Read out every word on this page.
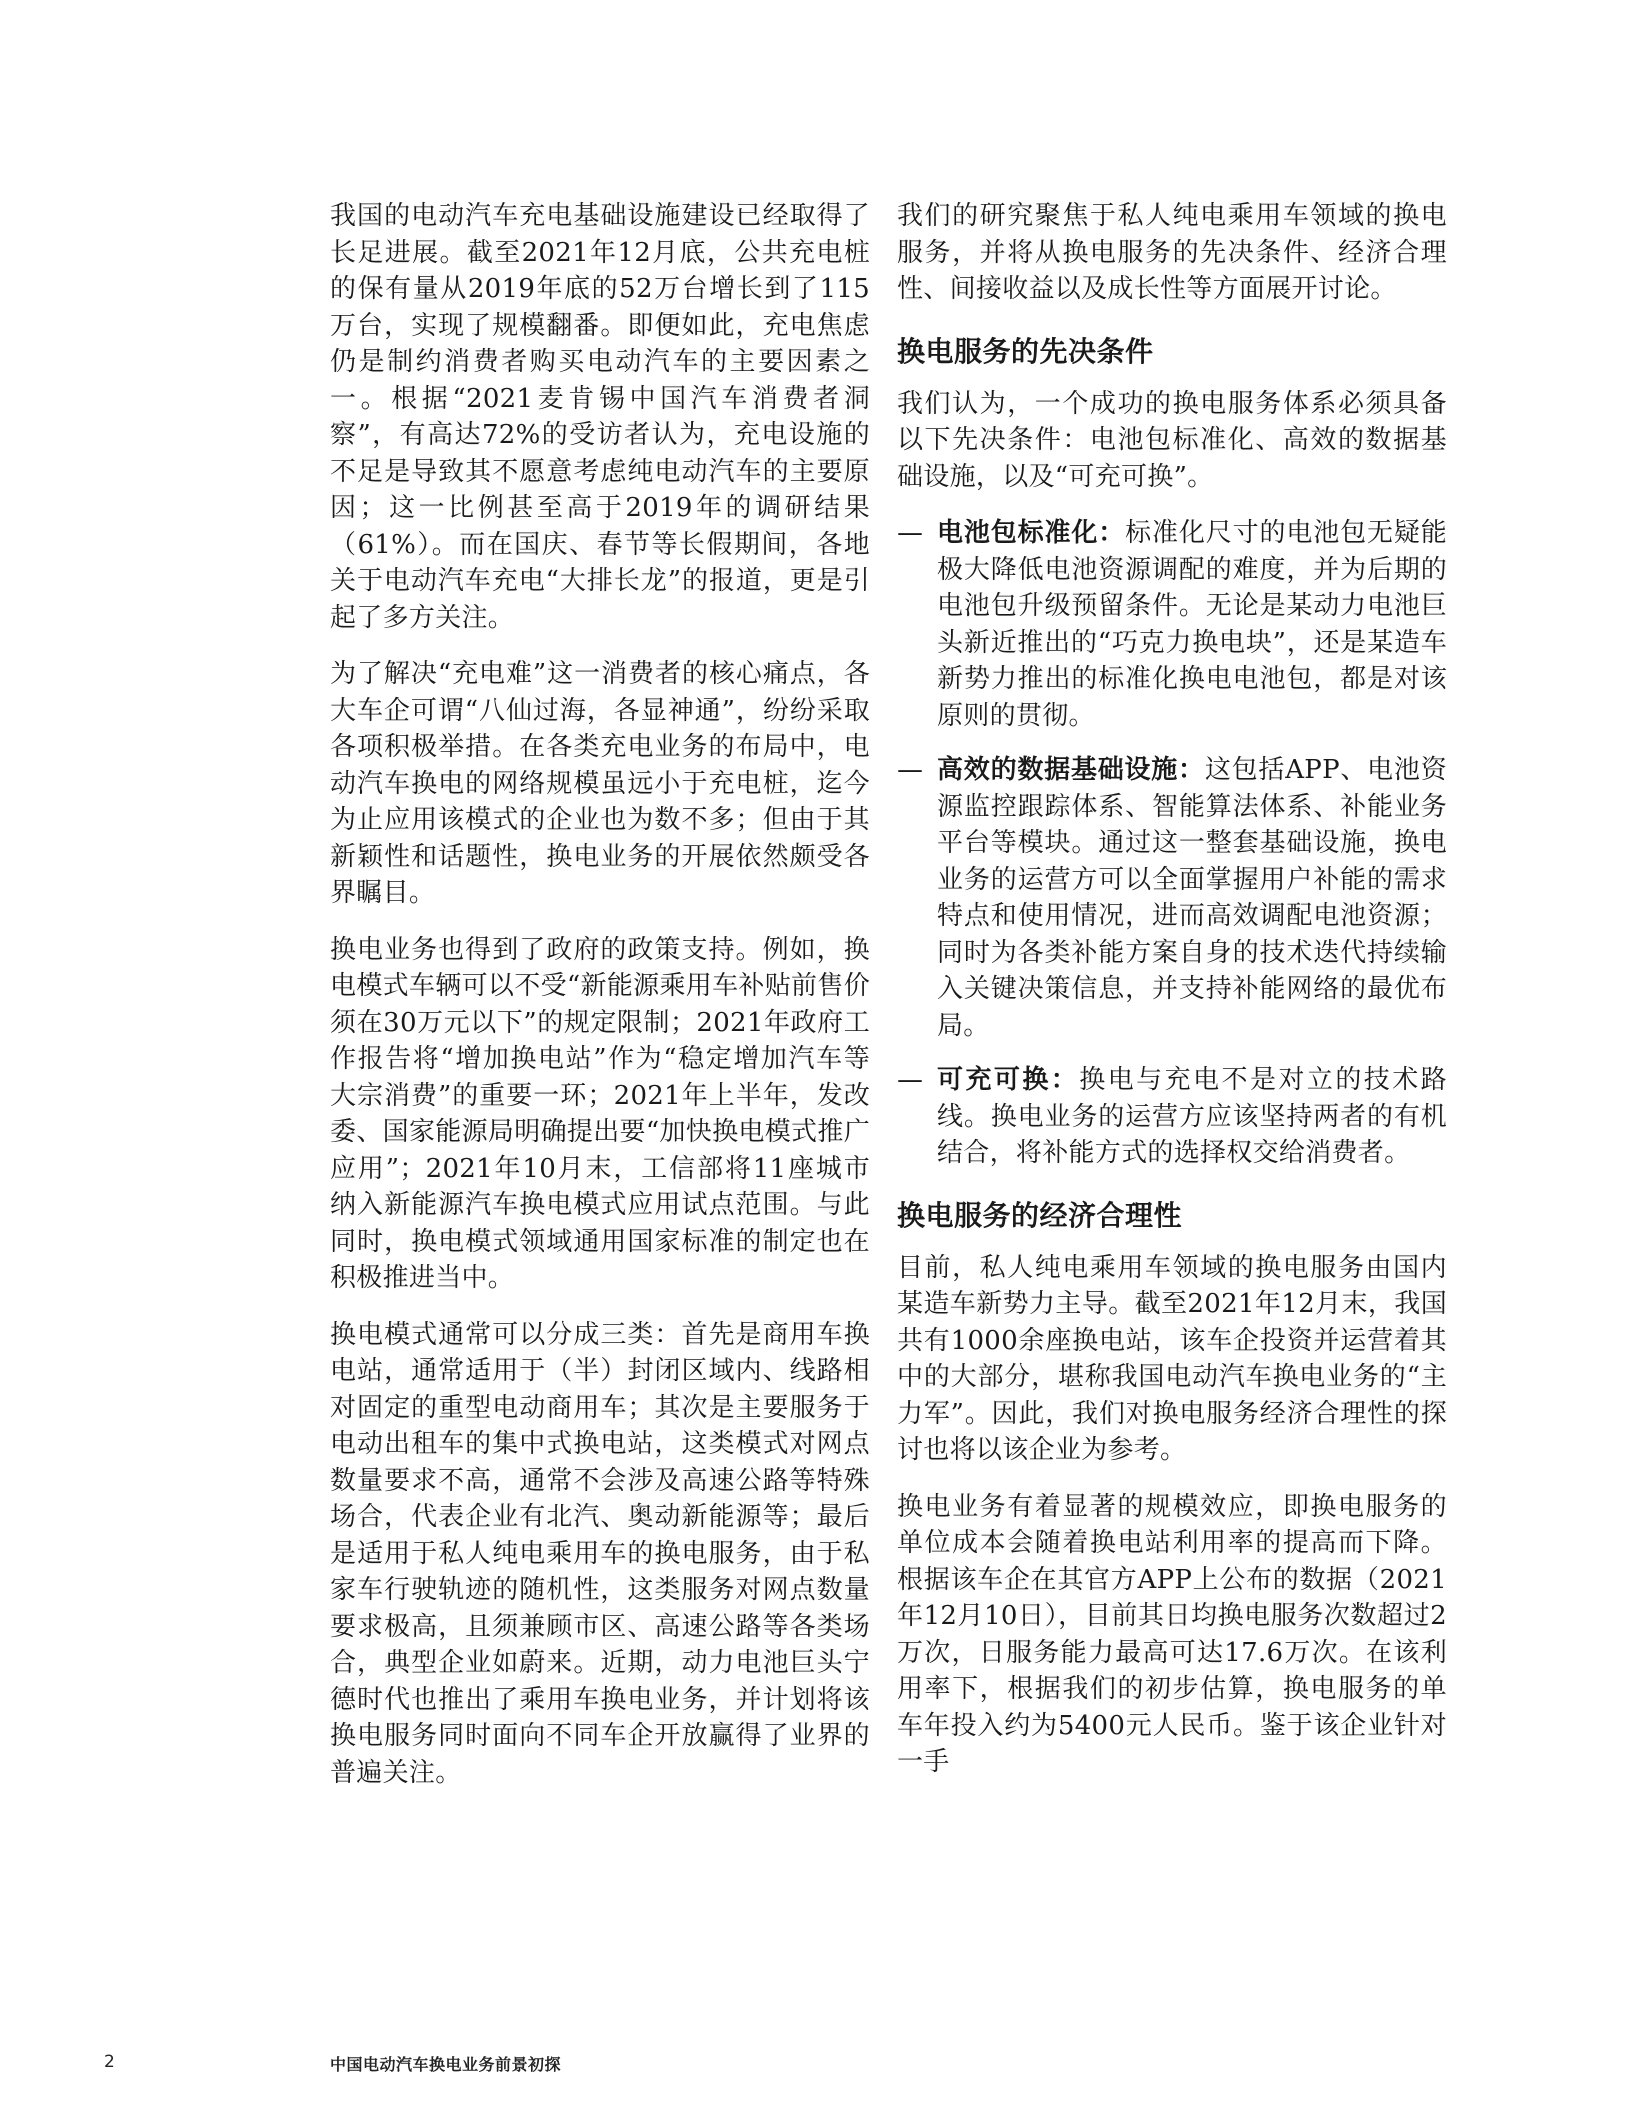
我国的电动汽车充电基础设施建设已经取得了长足进展。截至2021年12月底，公共充电桩的保有量从2019年底的52万台增长到了115万台，实现了规模翻番。即便如此，充电焦虑仍是制约消费者购买电动汽车的主要因素之一。根据“2021麦肯锡中国汽车消费者洞察”，有高达72%的受访者认为，充电设施的不足是导致其不愿意考虑纯电动汽车的主要原因；这一比例甚至高于2019年的调研结果（61%）。而在国庆、春节等长假期间，各地关于电动汽车充电“大排长龙”的报道，更是引起了多方关注。

为了解决“充电难”这一消费者的核心痛点，各大车企可谓“八仙过海，各显神通”，纷纷采取各项积极举措。在各类充电业务的布局中，电动汽车换电的网络规模虽远小于充电桩，迄今为止应用该模式的企业也为数不多；但由于其新颖性和话题性，换电业务的开展依然颇受各界瞩目。

换电业务也得到了政府的政策支持。例如，换电模式车辆可以不受“新能源乘用车补贴前售价须在30万元以下”的规定限制；2021年政府工作报告将“增加换电站”作为“稳定增加汽车等大宗消费”的重要一环；2021年上半年，发改委、国家能源局明确提出要“加快换电模式推广应用”；2021年10月末，工信部将11座城市纳入新能源汽车换电模式应用试点范围。与此同时，换电模式领域通用国家标准的制定也在积极推进当中。

换电模式通常可以分成三类：首先是商用车换电站，通常适用于（半）封闭区域内、线路相对固定的重型电动商用车；其次是主要服务于电动出租车的集中式换电站，这类模式对网点数量要求不高，通常不会涉及高速公路等特殊场合，代表企业有北汽、奥动新能源等；最后是适用于私人纯电乘用车的换电服务，由于私家车行驶轨迹的随机性，这类服务对网点数量要求极高，且须兼顾市区、高速公路等各类场合，典型企业如蔚来。近期，动力电池巨头宁德时代也推出了乘用车换电业务，并计划将该换电服务同时面向不同车企开放赢得了业界的普遍关注。

我们的研究聚焦于私人纯电乘用车领域的换电服务，并将从换电服务的先决条件、经济合理性、间接收益以及成长性等方面展开讨论。

换电服务的先决条件

我们认为，一个成功的换电服务体系必须具备以下先决条件：电池包标准化、高效的数据基础设施，以及“可充可换”。

— 电池包标准化：标准化尺寸的电池包无疑能极大降低电池资源调配的难度，并为后期的电池包升级预留条件。无论是某动力电池巨头新近推出的“巧克力换电块”，还是某造车新势力推出的标准化换电电池包，都是对该原则的贯彻。
— 高效的数据基础设施：这包括APP、电池资源监控跟踪体系、智能算法体系、补能业务平台等模块。通过这一整套基础设施，换电业务的运营方可以全面掌握用户补能的需求特点和使用情况，进而高效调配电池资源；同时为各类补能方案自身的技术迭代持续输入关键决策信息，并支持补能网络的最优布局。
— 可充可换：换电与充电不是对立的技术路线。换电业务的运营方应该坚持两者的有机结合，将补能方式的选择权交给消费者。
换电服务的经济合理性

目前，私人纯电乘用车领域的换电服务由国内某造车新势力主导。截至2021年12月末，我国共有1000余座换电站，该车企投资并运营着其中的大部分，堪称我国电动汽车换电业务的“主力军”。因此，我们对换电服务经济合理性的探讨也将以该企业为参考。

换电业务有着显著的规模效应，即换电服务的单位成本会随着换电站利用率的提高而下降。根据该车企在其官方APP上公布的数据（2021年12月10日），目前其日均换电服务次数超过2万次，日服务能力最高可达17.6万次。在该利用率下，根据我们的初步估算，换电服务的单车年投入约为5400元人民币。鉴于该企业针对一手

2	中国电动汽车换电业务前景初探
